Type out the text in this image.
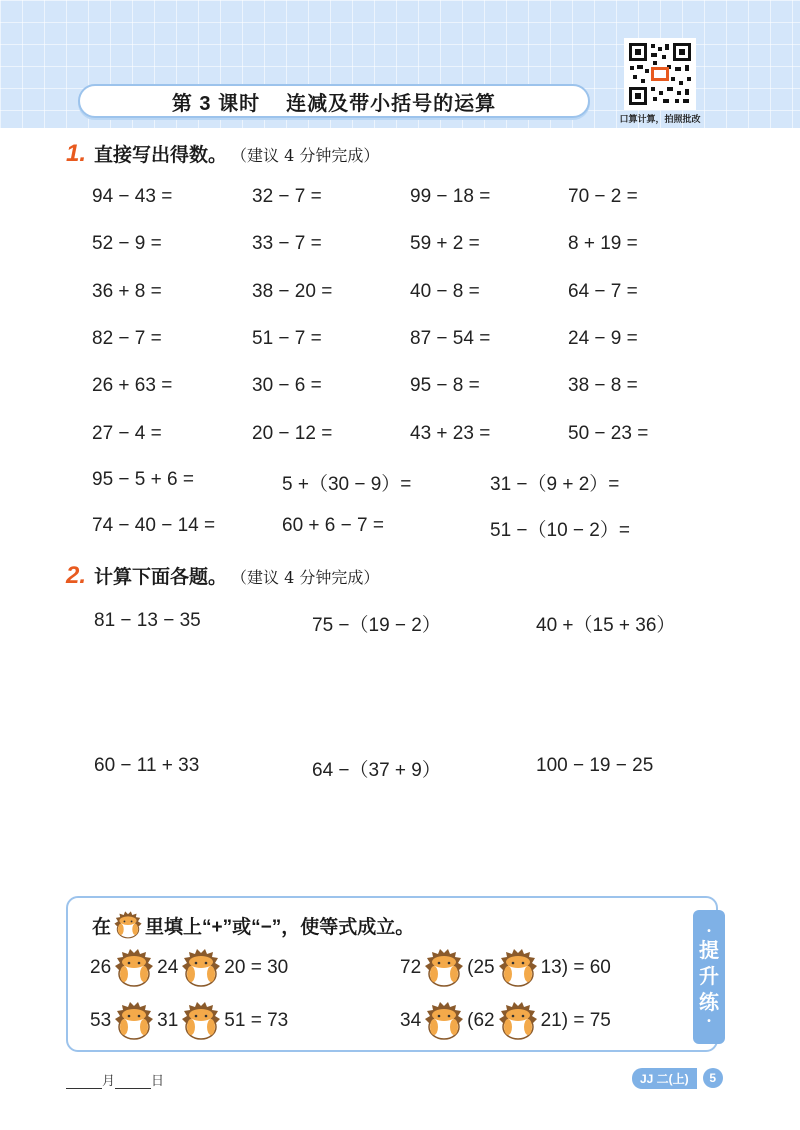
第 3 课时 连减及带小括号的运算
口算计算，拍照批改
1. 直接写出得数。 （建议 4 分钟完成）
94 − 43 =	32 − 7 =	99 − 18 =	70 − 2 =
52 − 9 =	33 − 7 =	59 + 2 =	8 + 19 =
36 + 8 =	38 − 20 =	40 − 8 =	64 − 7 =
82 − 7 =	51 − 7 =	87 − 54 =	24 − 9 =
26 + 63 =	30 − 6 =	95 − 8 =	38 − 8 =
27 − 4 =	20 − 12 =	43 + 23 =	50 − 23 =
95 − 5 + 6 =	5 +（30 − 9）=	31 −（9 + 2）=
74 − 40 − 14 =	60 + 6 − 7 =	51 −（10 − 2）=
2. 计算下面各题。 （建议 4 分钟完成）
81 − 13 − 35	75 −（19 − 2）	40 +（15 + 36）
60 − 11 + 33	64 −（37 + 9）	100 − 19 − 25
•
提
升
练
•
在 里填上“+”或“−”，使等式成立。
26 24 20 = 30	72 (25 13) = 60
53 31 51 = 73	34 (62 21) = 75
月	日	JJ 二(上)	5
